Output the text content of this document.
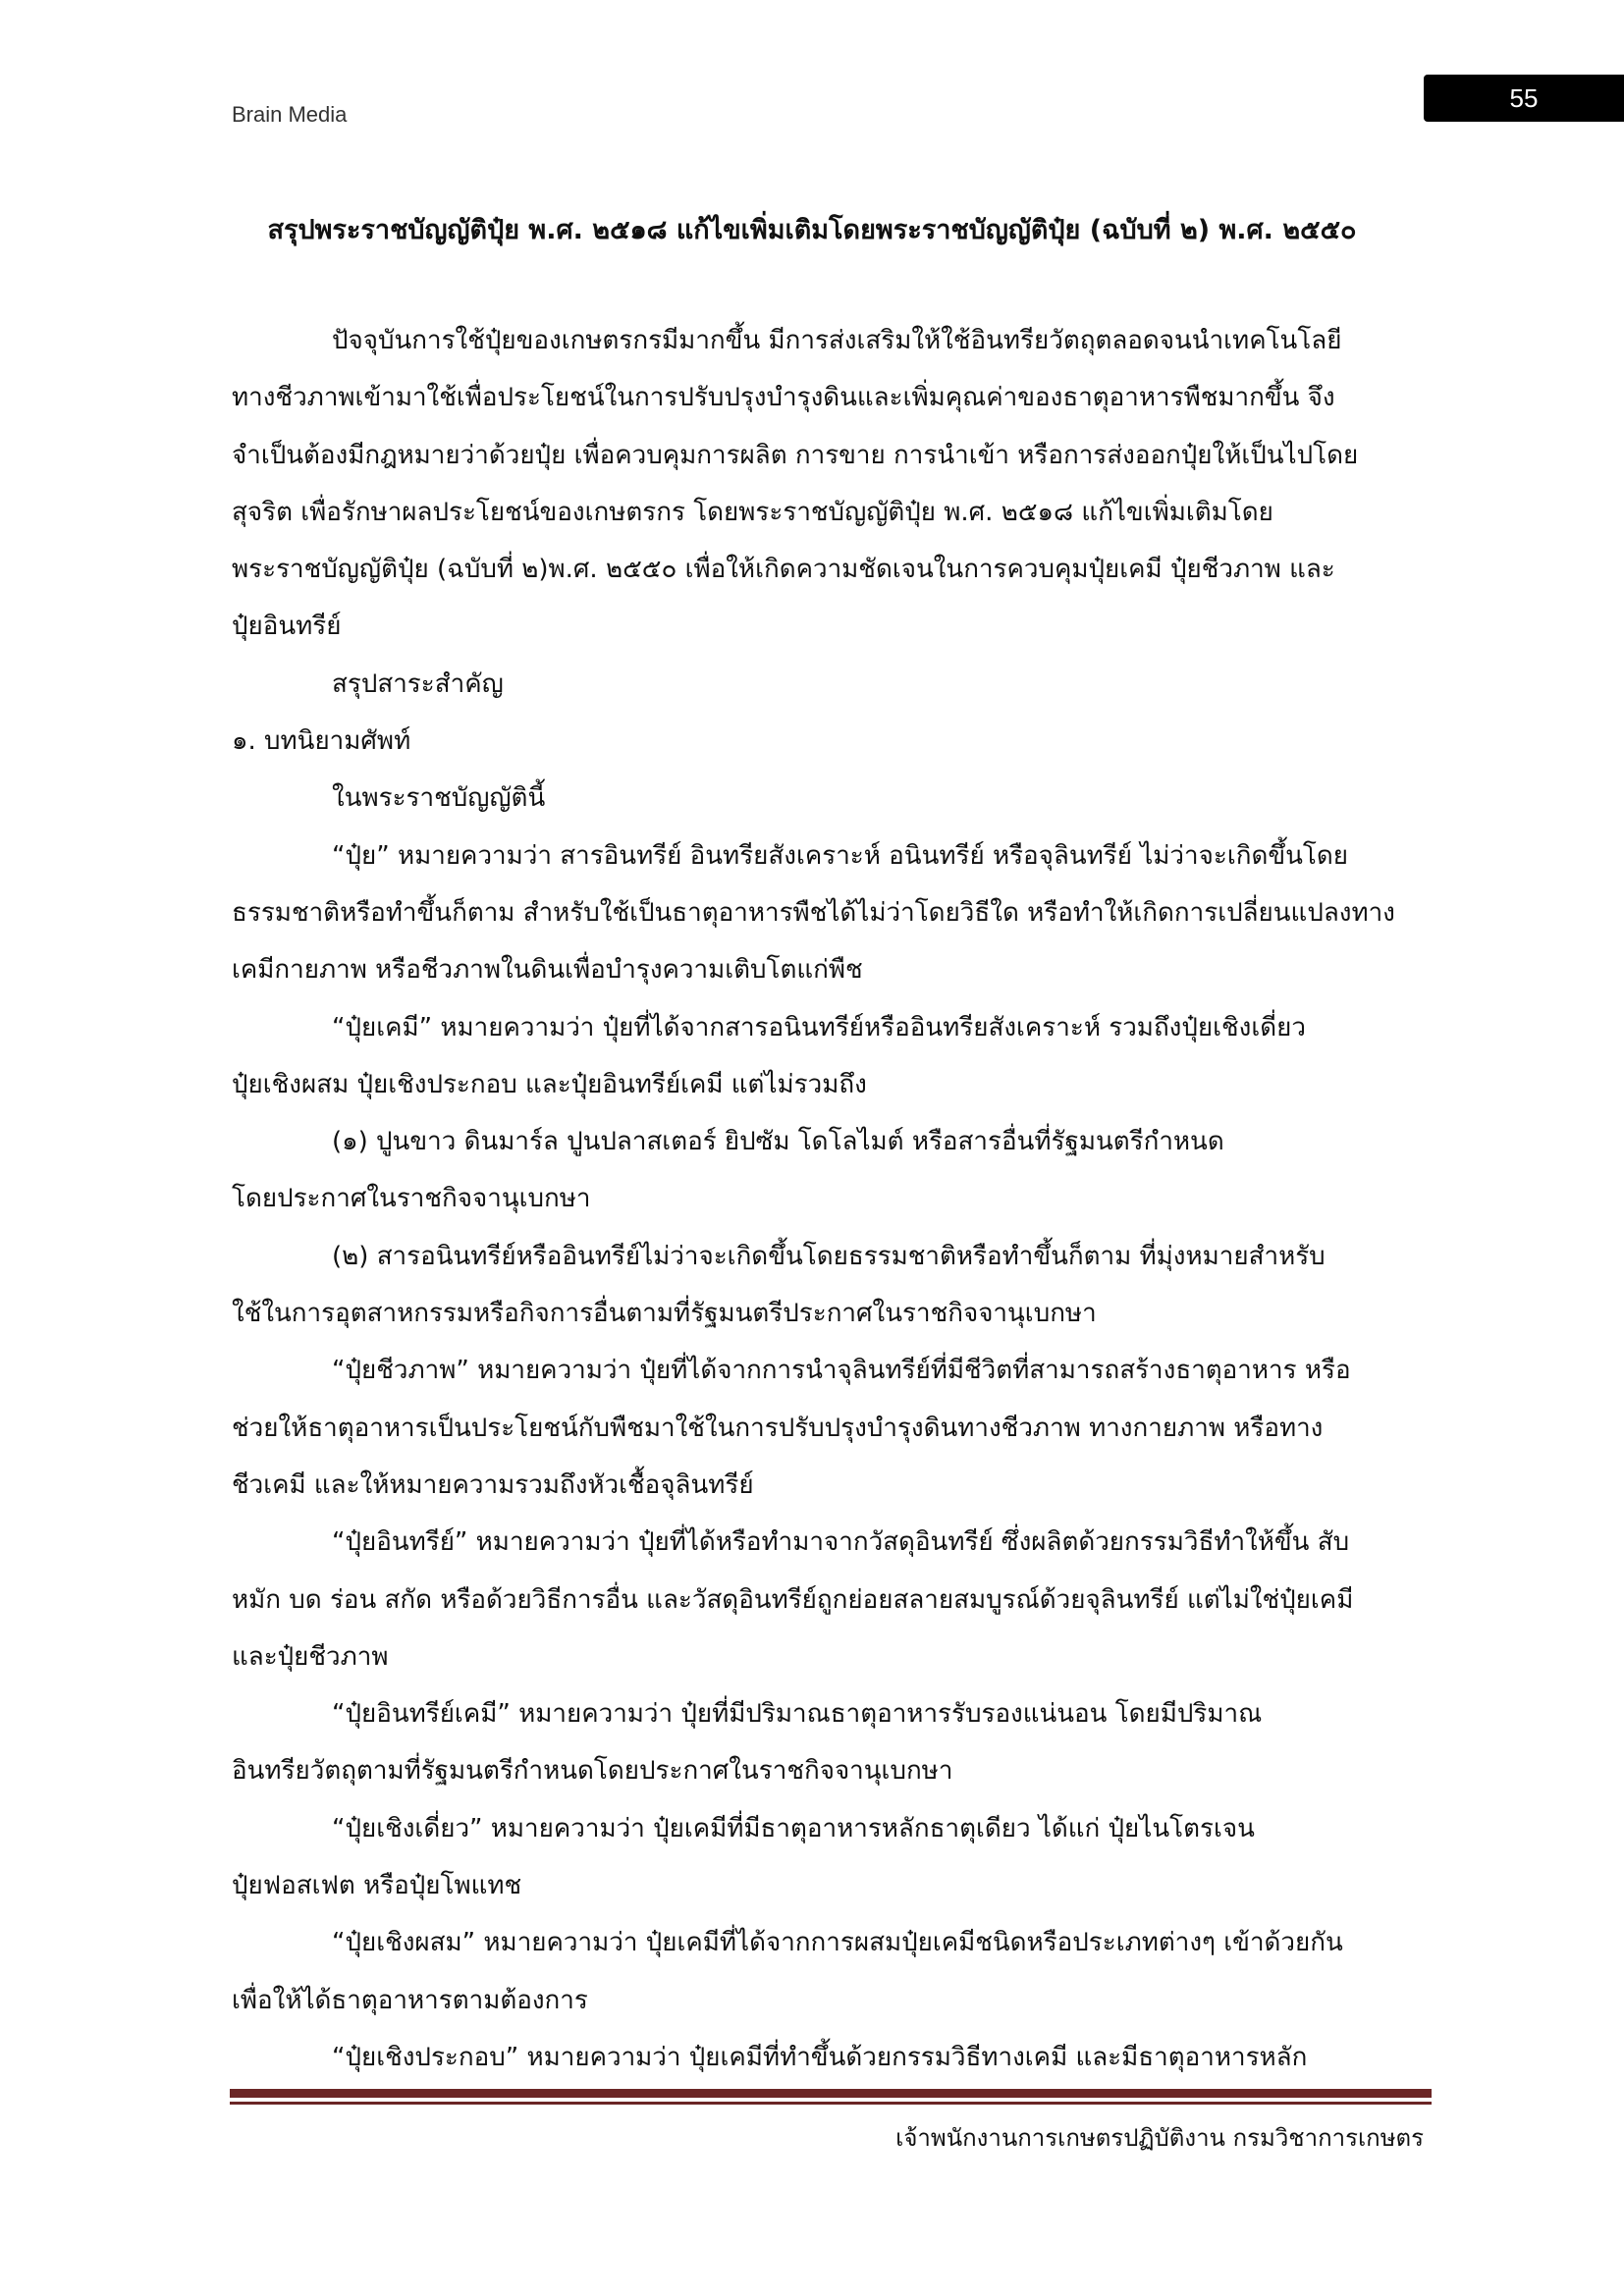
Brain Media
55
สรุปพระราชบัญญัติปุ๋ย พ.ศ. ๒๕๑๘ แก้ไขเพิ่มเติมโดยพระราชบัญญัติปุ๋ย (ฉบับที่ ๒) พ.ศ. ๒๕๕๐
ปัจจุบันการใช้ปุ๋ยของเกษตรกรมีมากขึ้น มีการส่งเสริมให้ใช้อินทรียวัตถุตลอดจนนำเทคโนโลยี
ทางชีวภาพเข้ามาใช้เพื่อประโยชน์ในการปรับปรุงบำรุงดินและเพิ่มคุณค่าของธาตุอาหารพืชมากขึ้น จึง
จำเป็นต้องมีกฎหมายว่าด้วยปุ๋ย เพื่อควบคุมการผลิต การขาย การนำเข้า หรือการส่งออกปุ๋ยให้เป็นไปโดย
สุจริต เพื่อรักษาผลประโยชน์ของเกษตรกร โดยพระราชบัญญัติปุ๋ย พ.ศ. ๒๕๑๘ แก้ไขเพิ่มเติมโดย
พระราชบัญญัติปุ๋ย (ฉบับที่ ๒)พ.ศ. ๒๕๕๐ เพื่อให้เกิดความชัดเจนในการควบคุมปุ๋ยเคมี ปุ๋ยชีวภาพ และ
ปุ๋ยอินทรีย์
สรุปสาระสำคัญ
๑. บทนิยามศัพท์
ในพระราชบัญญัตินี้
“ปุ๋ย” หมายความว่า สารอินทรีย์ อินทรียสังเคราะห์ อนินทรีย์ หรือจุลินทรีย์ ไม่ว่าจะเกิดขึ้นโดย
ธรรมชาติหรือทำขึ้นก็ตาม สำหรับใช้เป็นธาตุอาหารพืชได้ไม่ว่าโดยวิธีใด หรือทำให้เกิดการเปลี่ยนแปลงทาง
เคมีกายภาพ หรือชีวภาพในดินเพื่อบำรุงความเติบโตแก่พืช
“ปุ๋ยเคมี” หมายความว่า ปุ๋ยที่ได้จากสารอนินทรีย์หรืออินทรียสังเคราะห์ รวมถึงปุ๋ยเชิงเดี่ยว
ปุ๋ยเชิงผสม ปุ๋ยเชิงประกอบ และปุ๋ยอินทรีย์เคมี แต่ไม่รวมถึง
(๑) ปูนขาว ดินมาร์ล ปูนปลาสเตอร์ ยิปซัม โดโลไมต์ หรือสารอื่นที่รัฐมนตรีกำหนด
โดยประกาศในราชกิจจานุเบกษา
(๒) สารอนินทรีย์หรืออินทรีย์ไม่ว่าจะเกิดขึ้นโดยธรรมชาติหรือทำขึ้นก็ตาม ที่มุ่งหมายสำหรับ
ใช้ในการอุตสาหกรรมหรือกิจการอื่นตามที่รัฐมนตรีประกาศในราชกิจจานุเบกษา
“ปุ๋ยชีวภาพ” หมายความว่า ปุ๋ยที่ได้จากการนำจุลินทรีย์ที่มีชีวิตที่สามารถสร้างธาตุอาหาร หรือ
ช่วยให้ธาตุอาหารเป็นประโยชน์กับพืชมาใช้ในการปรับปรุงบำรุงดินทางชีวภาพ ทางกายภาพ หรือทาง
ชีวเคมี และให้หมายความรวมถึงหัวเชื้อจุลินทรีย์
“ปุ๋ยอินทรีย์” หมายความว่า ปุ๋ยที่ได้หรือทำมาจากวัสดุอินทรีย์ ซึ่งผลิตด้วยกรรมวิธีทำให้ขึ้น สับ
หมัก บด ร่อน สกัด หรือด้วยวิธีการอื่น และวัสดุอินทรีย์ถูกย่อยสลายสมบูรณ์ด้วยจุลินทรีย์ แต่ไม่ใช่ปุ๋ยเคมี
และปุ๋ยชีวภาพ
“ปุ๋ยอินทรีย์เคมี” หมายความว่า ปุ๋ยที่มีปริมาณธาตุอาหารรับรองแน่นอน โดยมีปริมาณ
อินทรียวัตถุตามที่รัฐมนตรีกำหนดโดยประกาศในราชกิจจานุเบกษา
“ปุ๋ยเชิงเดี่ยว” หมายความว่า ปุ๋ยเคมีที่มีธาตุอาหารหลักธาตุเดียว ได้แก่ ปุ๋ยไนโตรเจน
ปุ๋ยฟอสเฟต หรือปุ๋ยโพแทช
“ปุ๋ยเชิงผสม” หมายความว่า ปุ๋ยเคมีที่ได้จากการผสมปุ๋ยเคมีชนิดหรือประเภทต่างๆ เข้าด้วยกัน
เพื่อให้ได้ธาตุอาหารตามต้องการ
“ปุ๋ยเชิงประกอบ” หมายความว่า ปุ๋ยเคมีที่ทำขึ้นด้วยกรรมวิธีทางเคมี และมีธาตุอาหารหลัก
เจ้าพนักงานการเกษตรปฏิบัติงาน กรมวิชาการเกษตร
